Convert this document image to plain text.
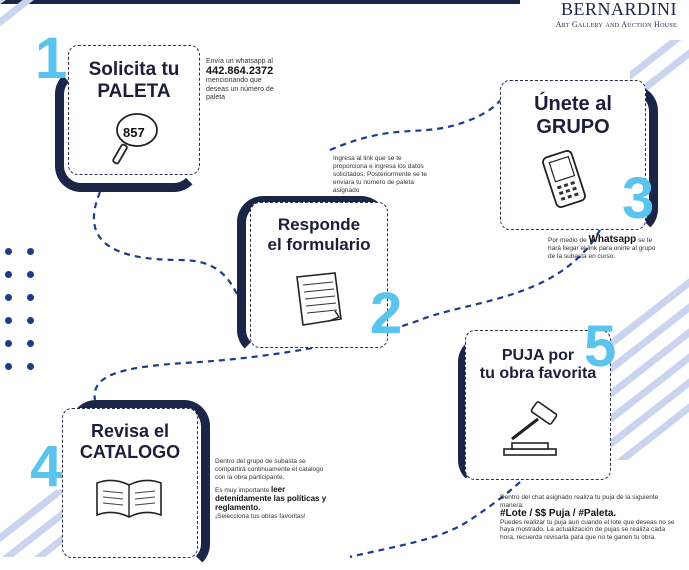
BERNARDINI
Art Gallery and Auction House
Solicita tu
PALETA
857
1	Envía un whatsapp al
442.864.2372
mencionando que deseas un número de paleta
Responde
el formulario
2
Ingresa al link que se te proporciona e ingresa los datos solicitados. Posteriormente se te enviara tu número de paleta asignado
Únete al
GRUPO
3
Por medio de Whatsapp se te hará llegar el link para unirte al grupo de la subasta en curso.
Revisa el
CATALOGO
4	Dentro del grupo de subasta se compartirá continuamente el catalogo con la obra participante.
Es muy importante leer detenidamente las políticas y reglamento.
¡Selecciona tus obras favoritas!
PUJA por
tu obra favorita
5
Dentro del chat asignado realiza tu puja de la siguiente manera:
#Lote / $$ Puja / #Paleta.
Puedes realizar tu puja aun cuando el lote que deseas no se haya mostrado. La actualización de pujas se realiza cada hora, recuerda revisarla para que no te ganen tu obra.
